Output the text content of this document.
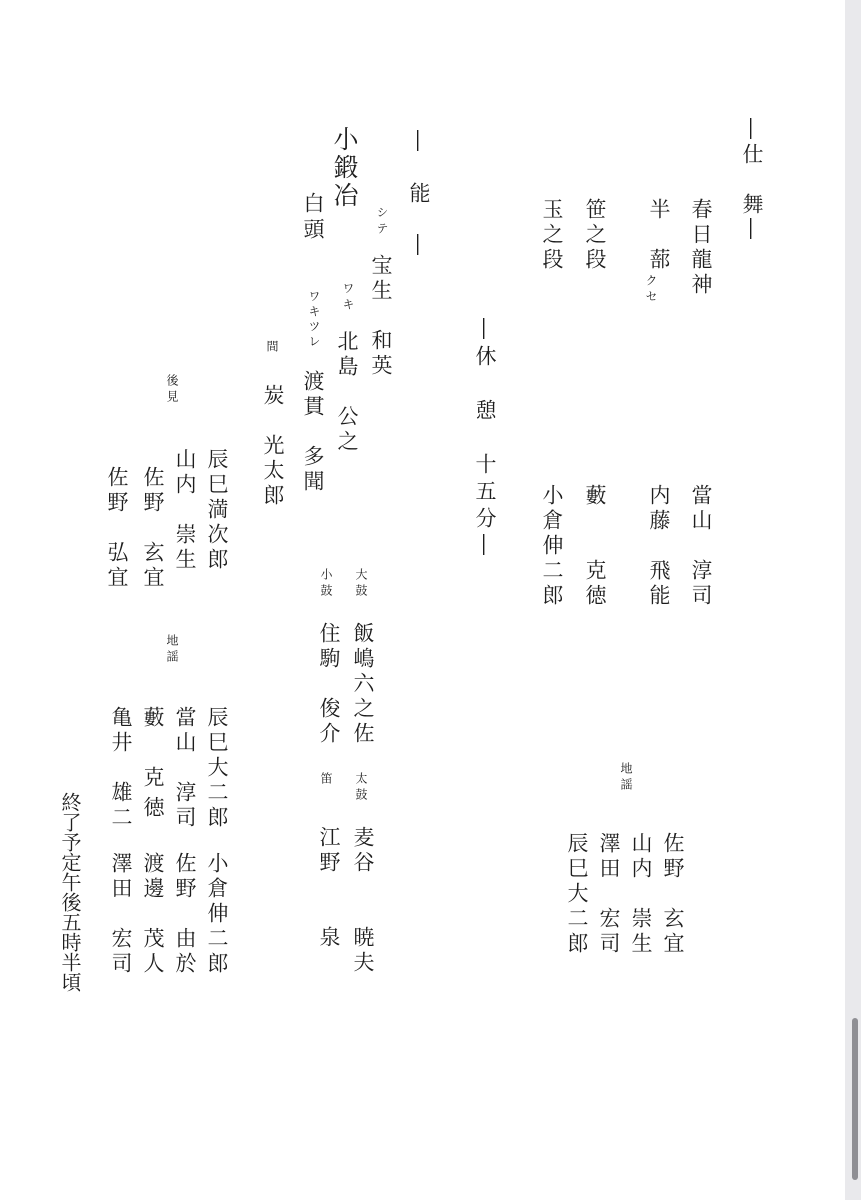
―仕　舞―
春日龍神
當山　淳司
半　蔀
クセ
内藤　飛能
笹之段
藪　　克徳
玉之段
小倉伸二郎
地謡
佐野　玄宜
山内　崇生
澤田　宏司
辰巳大二郎
―休　憩　十五分―
―　能　―
小鍛冶
白頭	シテ
宝生　和英
ワキ
北島　公之
ワキツレ
渡貫　多聞
間
炭　光太郎
大鼓
飯嶋六之佐
小鼓
住駒　俊介
太鼓
麦谷　　暁夫
笛
江野　　泉
後見
辰巳満次郎
山内　崇生
佐野　玄宜
佐野　弘宜
地謡
辰巳大二郎
小倉伸二郎
當山　淳司
佐野　由於
藪　克徳
渡邊　茂人
亀井　雄二
澤田　宏司
終了予定午後五時半頃
